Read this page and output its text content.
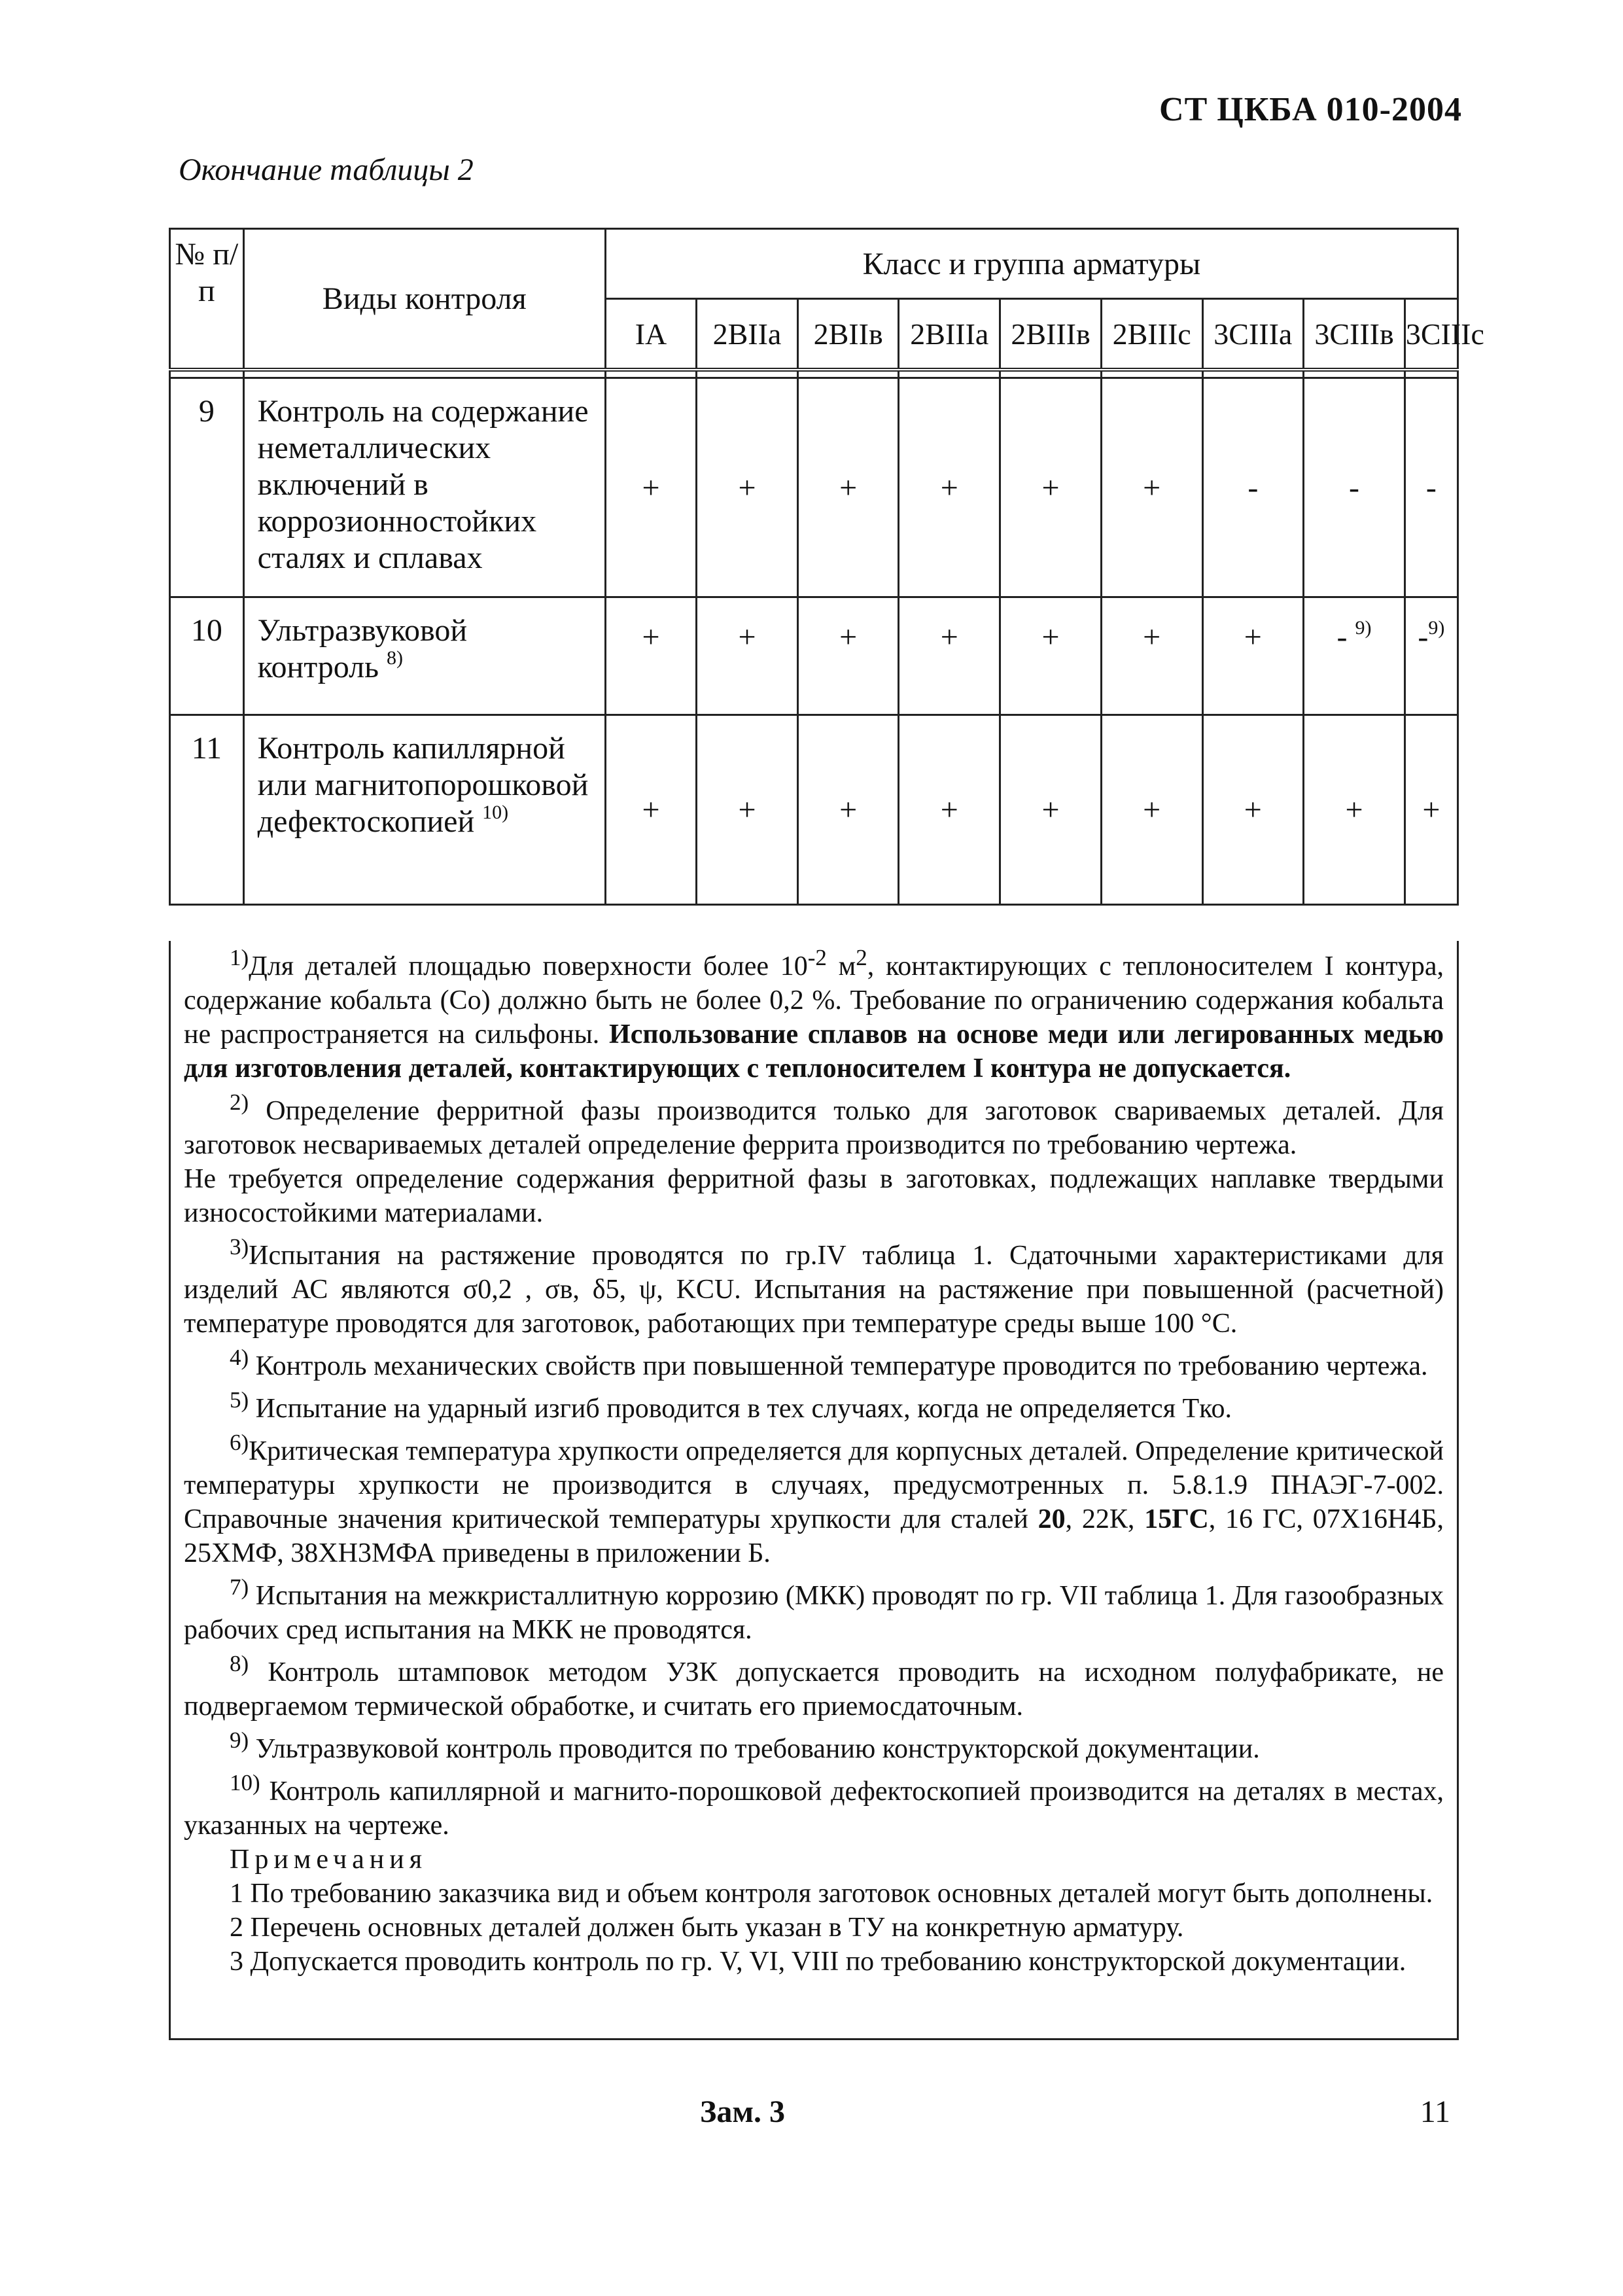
СТ ЦКБА 010-2004
Окончание таблицы 2
№ п/п	Виды контроля	Класс и группа арматуры								
		IA	2BIIa	2BIIв	2BIIIa	2BIIIв	2BIIIc	3CIIIa	3CIIIв	3CIIIc

9	Контроль на содержание неметаллических включений в коррозионностойких сталях и сплавах	+	+	+	+	+	+	-	-	-
10	Ультразвуковой контроль $^{8)}$	+	+	+	+	+	+	+	- $^{9)}$	-$^{9)}$
11	Контроль капиллярной или магнитопорошковой дефектоскопией $^{10)}$	+	+	+	+	+	+	+	+	+

$^{1)}$Для деталей площадью поверхности более $10^{-2}$ $м^2$, контактирующих с теплоносителем I контура, содержание кобальта (Со) должно быть не более 0,2 %. Требование по ограничению содержания кобальта не распространяется на сильфоны. Использование сплавов на основе меди или легированных медью для изготовления деталей, контактирующих с теплоносителем I контура не допускается.

$^{2)}$ Определение ферритной фазы производится только для заготовок свариваемых деталей. Для заготовок несвариваемых деталей определение феррита производится по требованию чертежа.

Не требуется определение содержания ферритной фазы в заготовках, подлежащих наплавке твердыми износостойкими материалами.

$^{3)}$Испытания на растяжение проводятся по гр.IV таблица 1. Сдаточными характеристиками для изделий АС являются σ0,2 , σв, δ5, ψ, KCU. Испытания на растяжение при повышенной (расчетной) температуре проводятся для заготовок, работающих при температуре среды выше 100 °С.

$^{4)}$ Контроль механических свойств при повышенной температуре проводится по требованию чертежа.

$^{5)}$ Испытание на ударный изгиб проводится в тех случаях, когда не определяется Tко.

$^{6)}$Критическая температура хрупкости определяется для корпусных деталей. Определение критической температуры хрупкости не производится в случаях, предусмотренных п. 5.8.1.9 ПНАЭГ-7-002. Справочные значения критической температуры хрупкости для сталей 20, 22К, 15ГС, 16 ГС, 07Х16Н4Б, 25ХМФ, 38ХН3МФА приведены в приложении Б.

$^{7)}$ Испытания на межкристаллитную коррозию (МКК) проводят по гр. VII таблица 1. Для газообразных рабочих сред испытания на МКК не проводятся.

$^{8)}$ Контроль штамповок методом УЗК допускается проводить на исходном полуфабрикате, не подвергаемом термической обработке, и считать его приемосдаточным.

$^{9)}$ Ультразвуковой контроль проводится по требованию конструкторской документации.

$^{10)}$ Контроль капиллярной и магнито-порошковой дефектоскопией производится на деталях в местах, указанных на чертеже.

Примечания

1 По требованию заказчика вид и объем контроля заготовок основных деталей могут быть дополнены.

2 Перечень основных деталей должен быть указан в ТУ на конкретную арматуру.

3 Допускается проводить контроль по гр. V, VI, VIII по требованию конструкторской документации.

Зам. 3	11
